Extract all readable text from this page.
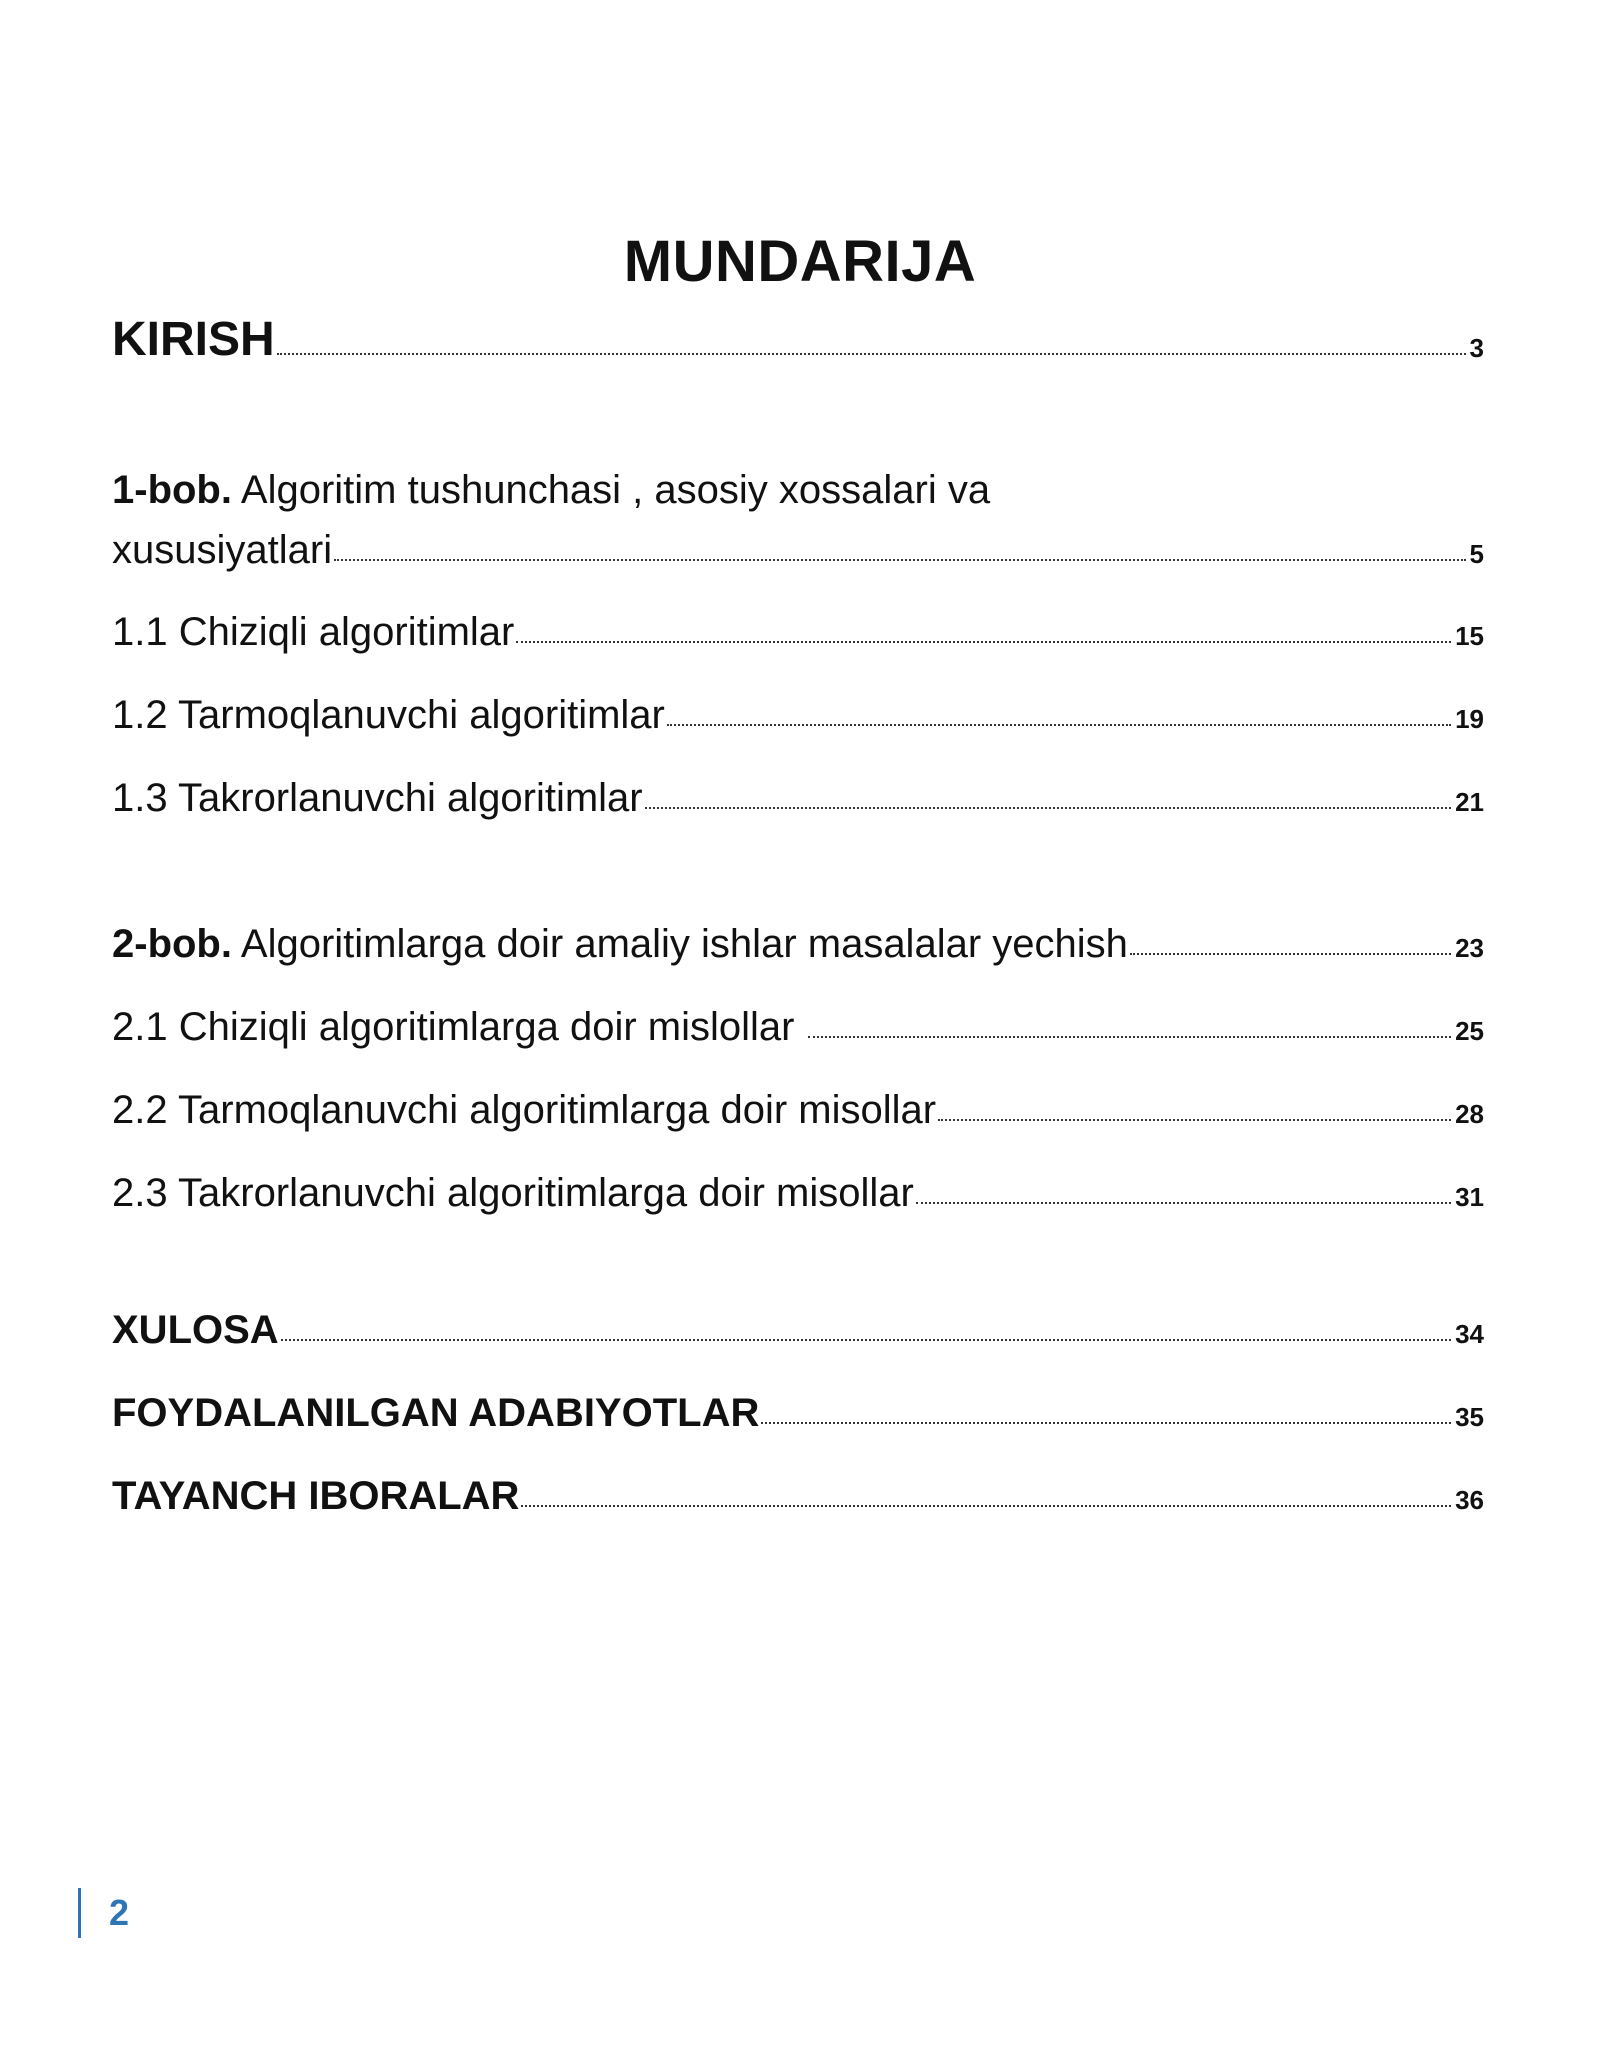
MUNDARIJA
KIRISH	3
1-bob. Algoritim tushunchasi , asosiy xossalari va
xususiyatlari	5
1.1 Chiziqli algoritimlar	15
1.2 Tarmoqlanuvchi algoritimlar	19
1.3 Takrorlanuvchi algoritimlar	21
2-bob. Algoritimlarga doir amaliy ishlar masalalar yechish	23
2.1 Chiziqli algoritimlarga doir mislollar	25
2.2 Tarmoqlanuvchi algoritimlarga doir misollar	28
2.3 Takrorlanuvchi algoritimlarga doir misollar	31
XULOSA	34
FOYDALANILGAN ADABIYOTLAR	35
TAYANCH IBORALAR	36
2
